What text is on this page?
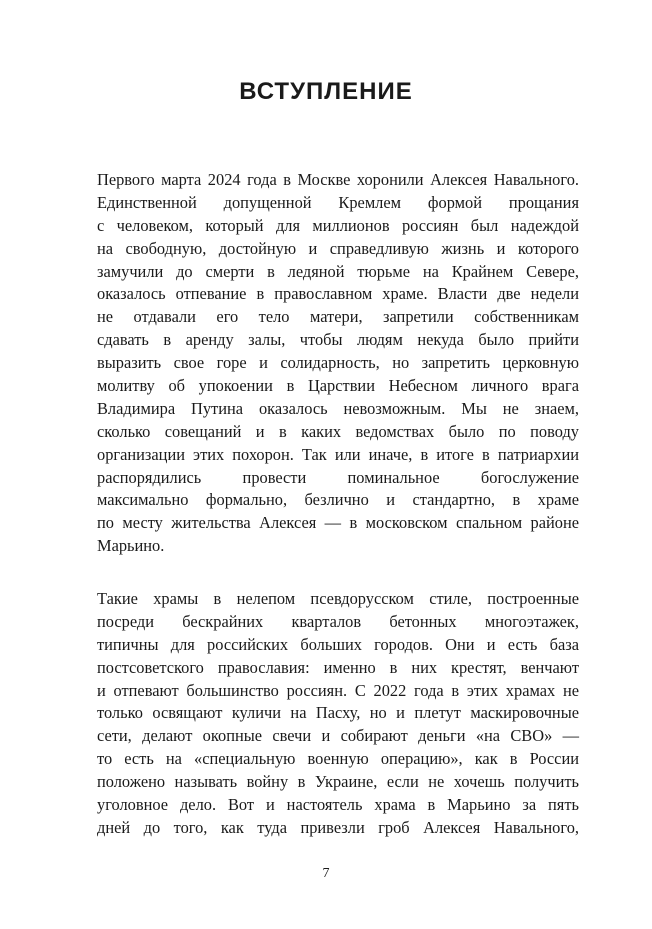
ВСТУПЛЕНИЕ
Первого марта 2024 года в Москве хоронили Алексея Навального.
Единственной допущенной Кремлем формой прощания
с человеком, который для миллионов россиян был надеждой
на свободную, достойную и справедливую жизнь и которого
замучили до смерти в ледяной тюрьме на Крайнем Севере,
оказалось отпевание в православном храме. Власти две недели
не отдавали его тело матери, запретили собственникам
сдавать в аренду залы, чтобы людям некуда было прийти
выразить свое горе и солидарность, но запретить церковную
молитву об упокоении в Царствии Небесном личного врага
Владимира Путина оказалось невозможным. Мы не знаем,
сколько совещаний и в каких ведомствах было по поводу
организации этих похорон. Так или иначе, в итоге в патриархии
распорядились провести поминальное богослужение
максимально формально, безлично и стандартно, в храме
по месту жительства Алексея — в московском спальном районе
Марьино.
Такие храмы в нелепом псевдорусском стиле, построенные
посреди бескрайних кварталов бетонных многоэтажек,
типичны для российских больших городов. Они и есть база
постсоветского православия: именно в них крестят, венчают
и отпевают большинство россиян. С 2022 года в этих храмах не
только освящают куличи на Пасху, но и плетут маскировочные
сети, делают окопные свечи и собирают деньги «на СВО» —
то есть на «специальную военную операцию», как в России
положено называть войну в Украине, если не хочешь получить
уголовное дело. Вот и настоятель храма в Марьино за пять
дней до того, как туда привезли гроб Алексея Навального,
7
